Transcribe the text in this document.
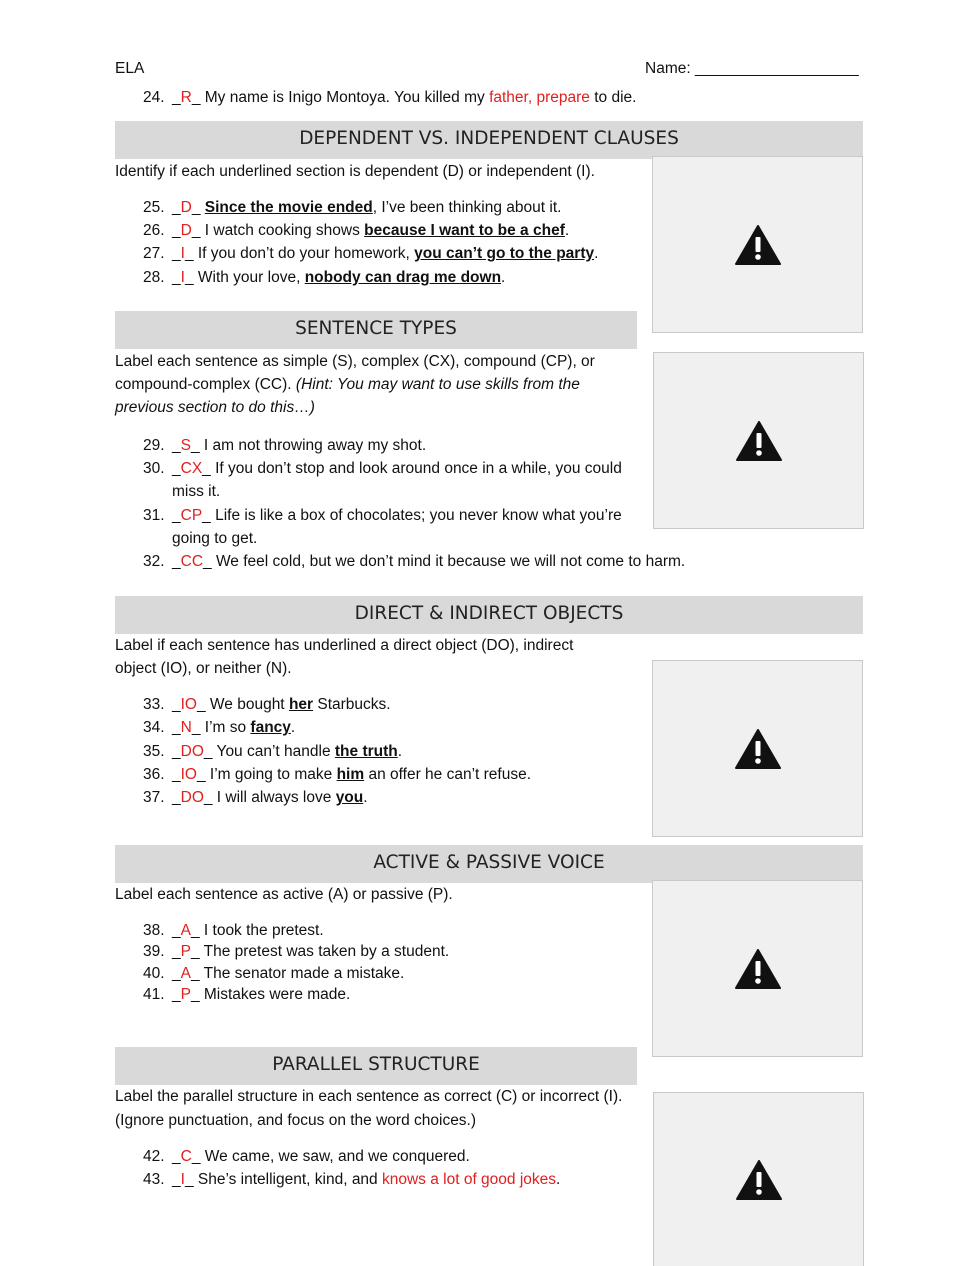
ELA	Name: ___________________
24. _R_ My name is Inigo Montoya. You killed my father, prepare to die.
DEPENDENT VS. INDEPENDENT CLAUSES
Identify if each underlined section is dependent (D) or independent (I).
25. _D_ Since the movie ended, I’ve been thinking about it.
26. _D_ I watch cooking shows because I want to be a chef.
27. _I_ If you don’t do your homework, you can’t go to the party.
28. _I_ With your love, nobody can drag me down.
SENTENCE TYPES
Label each sentence as simple (S), complex (CX), compound (CP), or
compound-complex (CC). (Hint: You may want to use skills from the
previous section to do this…)
29. _S_ I am not throwing away my shot.
30. _CX_ If you don’t stop and look around once in a while, you could
miss it.
31. _CP_ Life is like a box of chocolates; you never know what you’re
going to get.
32. _CC_ We feel cold, but we don’t mind it because we will not come to harm.
DIRECT & INDIRECT OBJECTS
Label if each sentence has underlined a direct object (DO), indirect
object (IO), or neither (N).
33. _IO_ We bought her Starbucks.
34. _N_ I’m so fancy.
35. _DO_ You can’t handle the truth.
36. _IO_ I’m going to make him an offer he can’t refuse.
37. _DO_ I will always love you.
ACTIVE & PASSIVE VOICE
Label each sentence as active (A) or passive (P).
38. _A_ I took the pretest.
39. _P_ The pretest was taken by a student.
40. _A_ The senator made a mistake.
41. _P_ Mistakes were made.
PARALLEL STRUCTURE
Label the parallel structure in each sentence as correct (C) or incorrect (I).
(Ignore punctuation, and focus on the word choices.)
42. _C_ We came, we saw, and we conquered.
43. _I_ She’s intelligent, kind, and knows a lot of good jokes.
